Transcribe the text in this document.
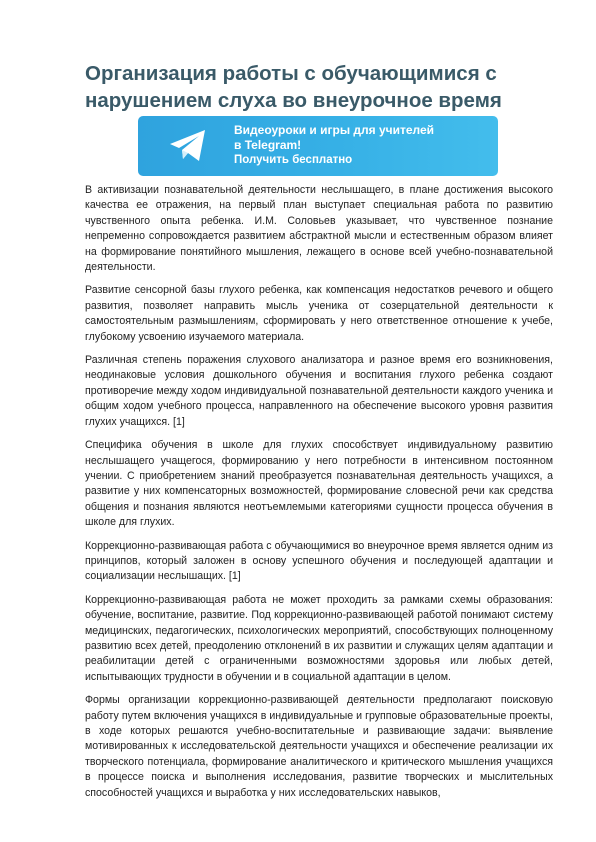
Организация работы с обучающимися с нарушением слуха во внеурочное время
Видеоуроки и игры для учителей
в Telegram!
Получить бесплатно

В активизации познавательной деятельности неслышащего, в плане достижения высокого качества ее отражения, на первый план выступает специальная работа по развитию чувственного опыта ребенка. И.М. Соловьев указывает, что чувственное познание непременно сопровождается развитием абстрактной мысли и естественным образом влияет на формирование понятийного мышления, лежащего в основе всей учебно-познавательной деятельности.

Развитие сенсорной базы глухого ребенка, как компенсация недостатков речевого и общего развития, позволяет направить мысль ученика от созерцательной деятельности к самостоятельным размышлениям, сформировать у него ответственное отношение к учебе, глубокому усвоению изучаемого материала.

Различная степень поражения слухового анализатора и разное время его возникновения, неодинаковые условия дошкольного обучения и воспитания глухого ребенка создают противоречие между ходом индивидуальной познавательной деятельности каждого ученика и общим ходом учебного процесса, направленного на обеспечение высокого уровня развития глухих учащихся. [1]

Специфика обучения в школе для глухих способствует индивидуальному развитию неслышащего учащегося, формированию у него потребности в интенсивном постоянном учении. С приобретением знаний преобразуется познавательная деятельность учащихся, а развитие у них компенсаторных возможностей, формирование словесной речи как средства общения и познания являются неотъемлемыми категориями сущности процесса обучения в школе для глухих.

Коррекционно-развивающая работа с обучающимися во внеурочное время является одним из принципов, который заложен в основу успешного обучения и последующей адаптации и социализации неслышащих. [1]

Коррекционно-развивающая работа не может проходить за рамками схемы образования: обучение, воспитание, развитие. Под коррекционно-развивающей работой понимают систему медицинских, педагогических, психологических мероприятий, способствующих полноценному развитию всех детей, преодолению отклонений в их развитии и служащих целям адаптации и реабилитации детей с ограниченными возможностями здоровья или любых детей, испытывающих трудности в обучении и в социальной адаптации в целом.

Формы организации коррекционно-развивающей деятельности предполагают поисковую работу путем включения учащихся в индивидуальные и групповые образовательные проекты, в ходе которых решаются учебно-воспитательные и развивающие задачи: выявление мотивированных к исследовательской деятельности учащихся и обеспечение реализации их творческого потенциала, формирование аналитического и критического мышления учащихся в процессе поиска и выполнения исследования, развитие творческих и мыслительных способностей учащихся и выработка у них исследовательских навыков,
